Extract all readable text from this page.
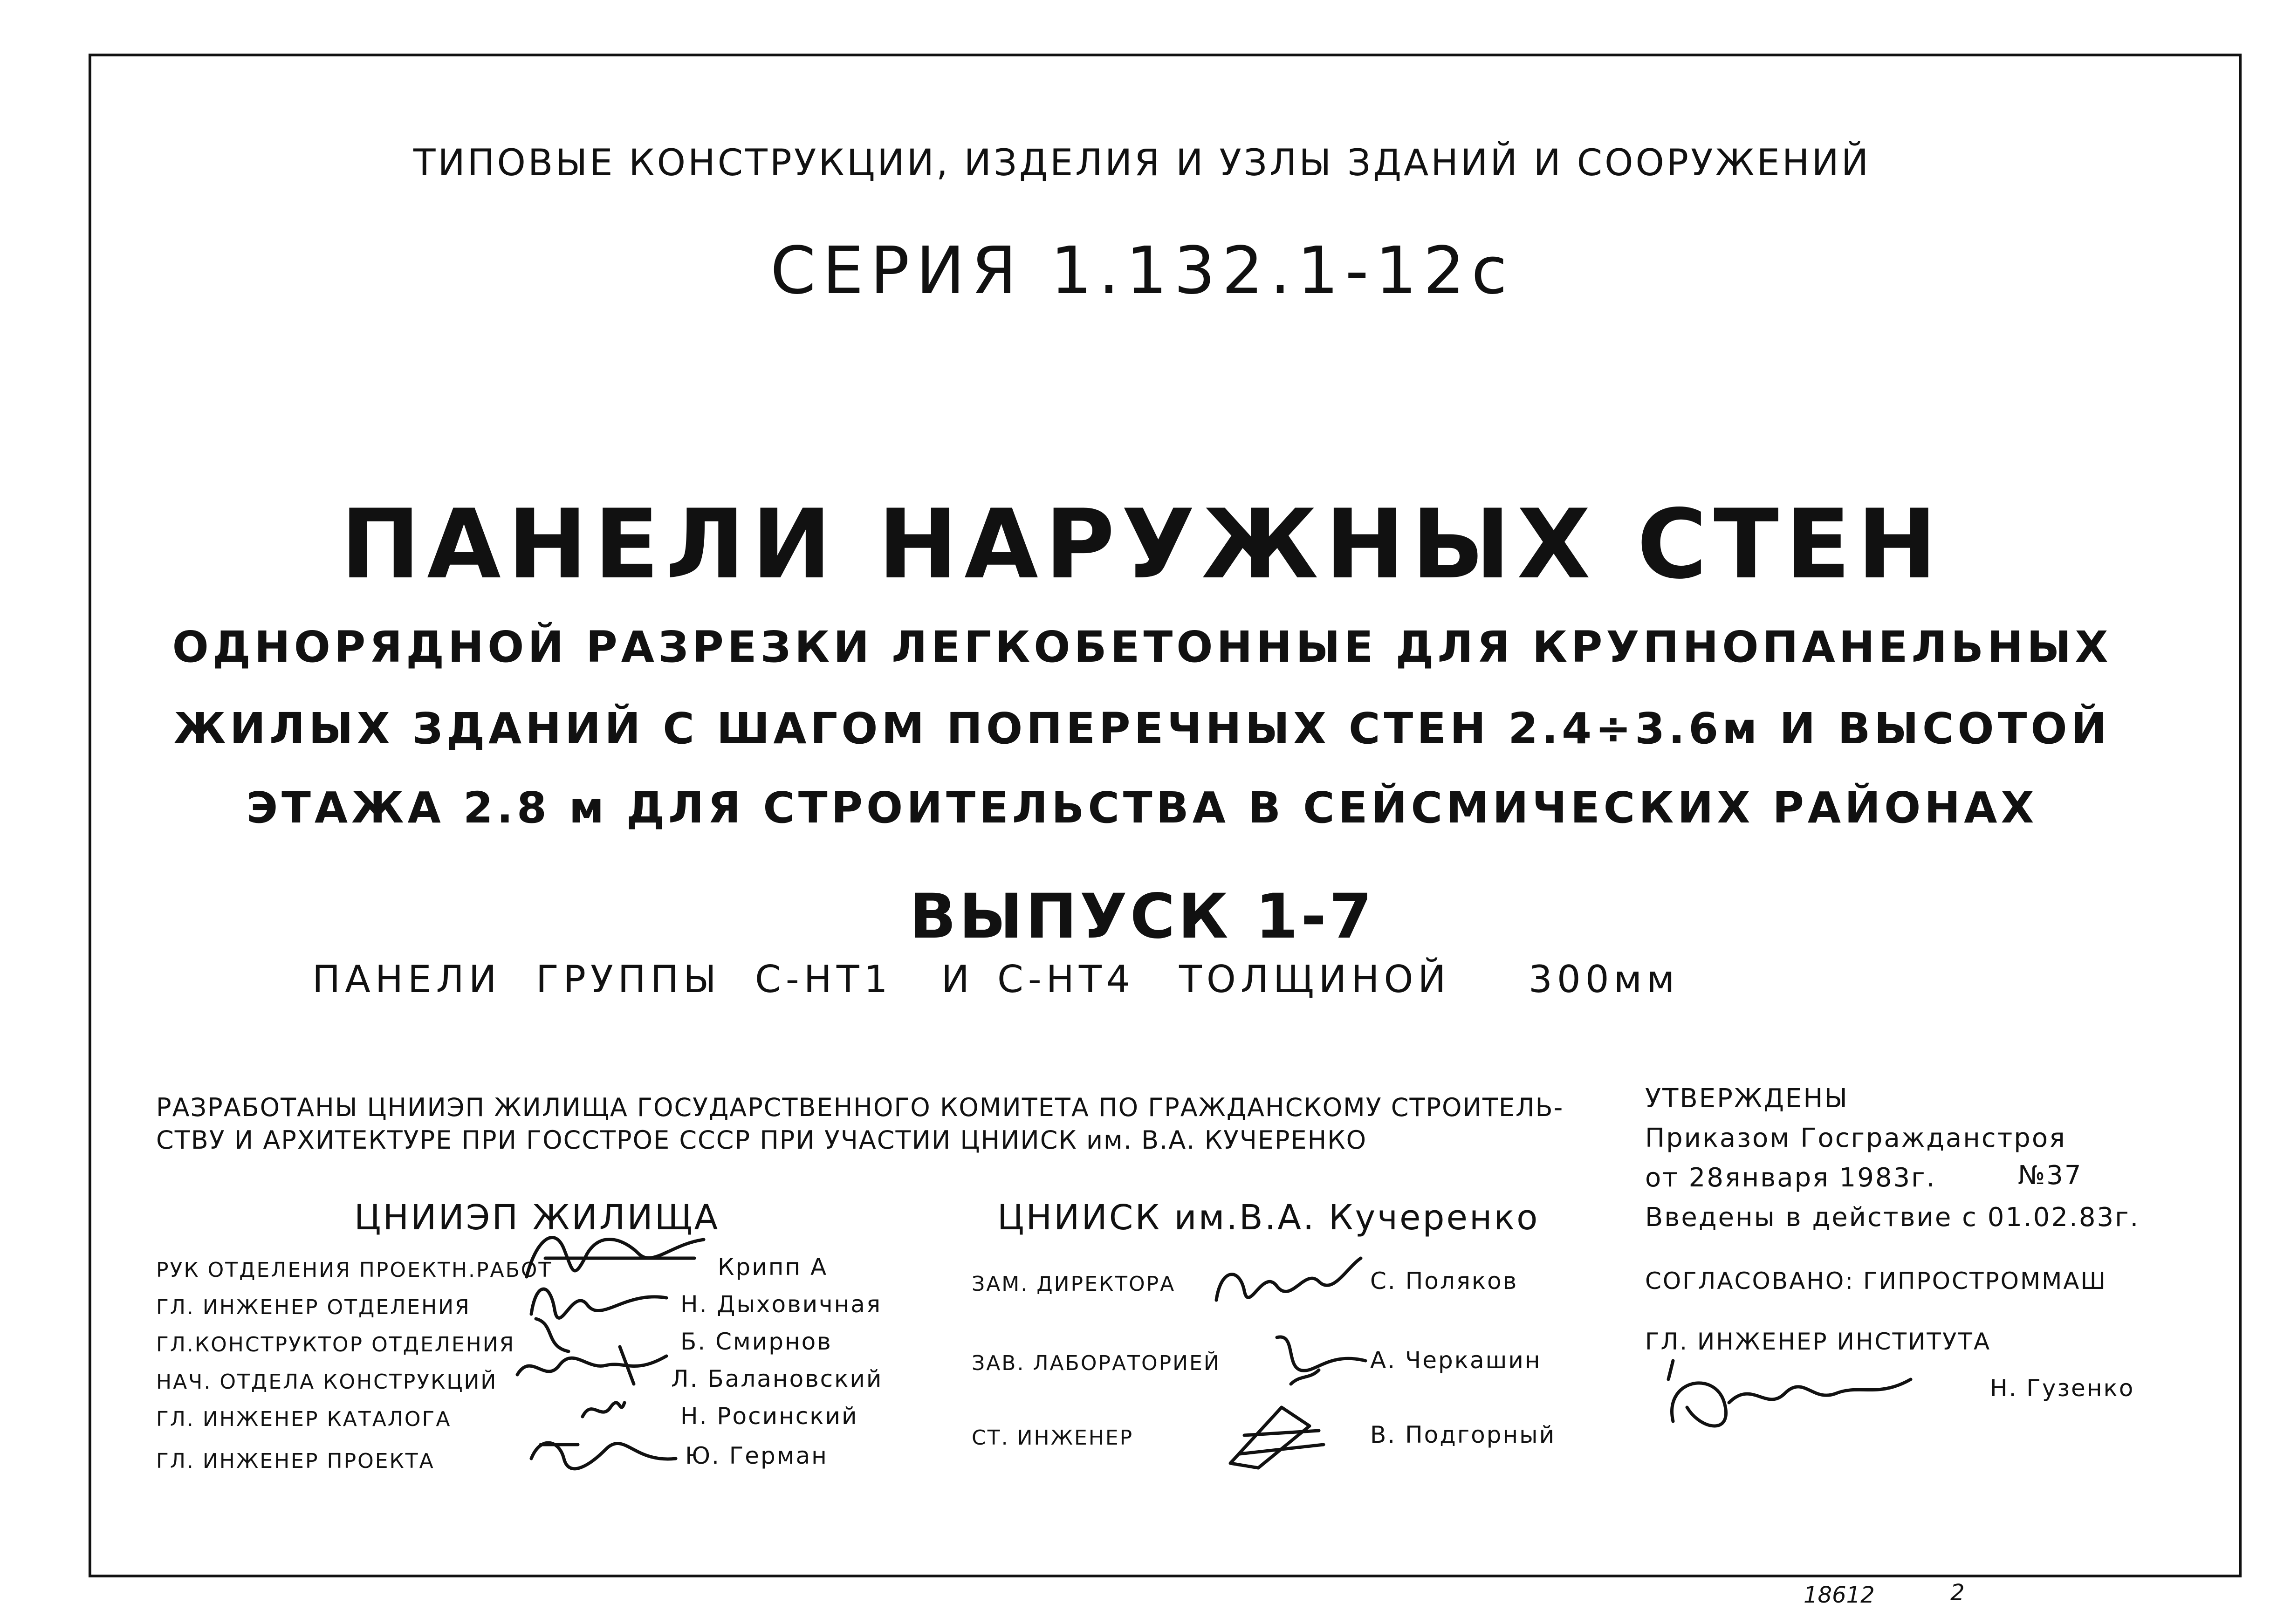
ТИПОВЫЕ КОНСТРУКЦИИ, ИЗДЕЛИЯ И УЗЛЫ ЗДАНИЙ И СООРУЖЕНИЙ
СЕРИЯ 1.132.1-12с
ПАНЕЛИ НАРУЖНЫХ СТЕН
ОДНОРЯДНОЙ РАЗРЕЗКИ ЛЕГКОБЕТОННЫЕ ДЛЯ КРУПНОПАНЕЛЬНЫХ
ЖИЛЫХ ЗДАНИЙ С ШАГОМ ПОПЕРЕЧНЫХ СТЕН 2.4÷3.6м И ВЫСОТОЙ
ЭТАЖА 2.8 м ДЛЯ СТРОИТЕЛЬСТВА В СЕЙСМИЧЕСКИХ РАЙОНАХ
ВЫПУСК 1-7
ПАНЕЛИ ГРУППЫ С-НТ1 И С-НТ4 ТОЛЩИНОЙ 300мм
РАЗРАБОТАНЫ ЦНИИЭП ЖИЛИЩА ГОСУДАРСТВЕННОГО КОМИТЕТА ПО ГРАЖДАНСКОМУ СТРОИТЕЛЬ-
СТВУ И АРХИТЕКТУРЕ ПРИ ГОССТРОЕ СССР ПРИ УЧАСТИИ ЦНИИСК им. В.А. КУЧЕРЕНКО
ЦНИИЭП ЖИЛИЩА
РУК ОТДЕЛЕНИЯ ПРОЕКТН.РАБОТ	Крипп А
ГЛ. ИНЖЕНЕР ОТДЕЛЕНИЯ	Н. Дыховичная
ГЛ.КОНСТРУКТОР ОТДЕЛЕНИЯ	Б. Смирнов
НАЧ. ОТДЕЛА КОНСТРУКЦИЙ	Л. Балановский
ГЛ. ИНЖЕНЕР КАТАЛОГА	Н. Росинский
ГЛ. ИНЖЕНЕР ПРОЕКТА	Ю. Герман
ЦНИИСК им.В.А. Кучеренко
ЗАМ. ДИРЕКТОРА	С. Поляков
ЗАВ. ЛАБОРАТОРИЕЙ	А. Черкашин
СТ. ИНЖЕНЕР	В. Подгорный
УТВЕРЖДЕНЫ
Приказом Госгражданстроя
от 28января 1983г.	№37
Введены в действие с 01.02.83г.
СОГЛАСОВАНО: ГИПРОСТРОММАШ
ГЛ. ИНЖЕНЕР ИНСТИТУТА
Н. Гузенко
18612	2
